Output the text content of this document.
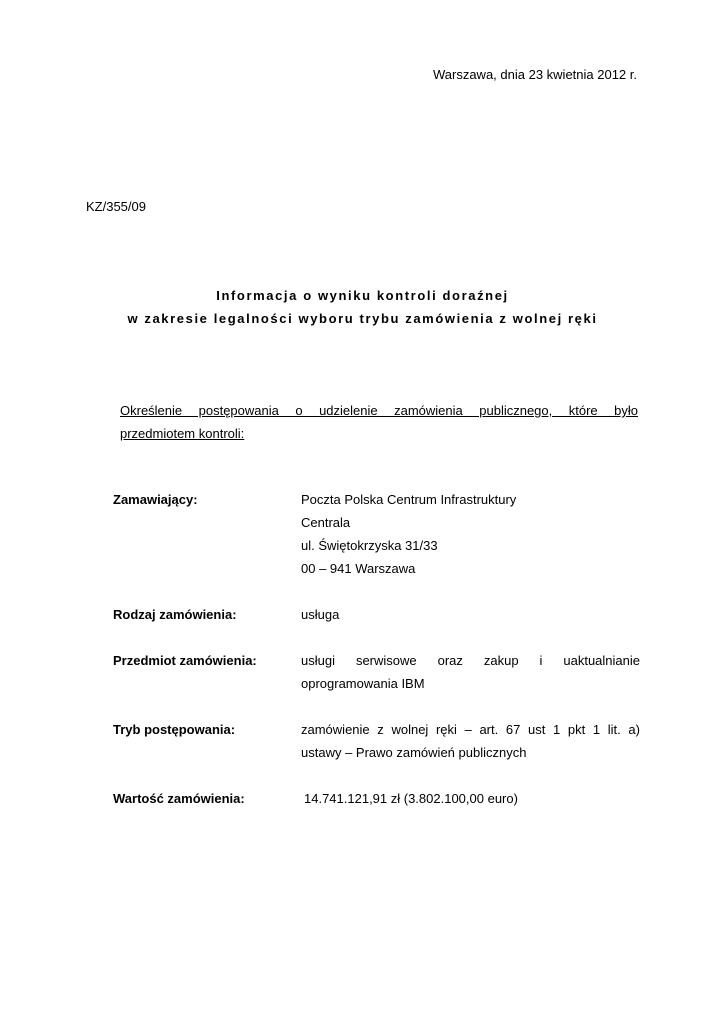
Warszawa, dnia 23 kwietnia 2012 r.
KZ/355/09
Informacja o wyniku kontroli doraźnej
w zakresie legalności wyboru trybu zamówienia z wolnej ręki
Określenie postępowania o udzielenie zamówienia publicznego, które było
przedmiotem kontroli:
Zamawiający:	Poczta Polska Centrum Infrastruktury
Centrala
ul. Świętokrzyska 31/33
00 – 941 Warszawa
Rodzaj zamówienia:	usługa
Przedmiot zamówienia:	usługi serwisowe oraz zakup i uaktualnianie
oprogramowania IBM
Tryb postępowania:	zamówienie z wolnej ręki – art. 67 ust 1 pkt 1 lit. a)
ustawy – Prawo zamówień publicznych
Wartość zamówienia:	14.741.121,91 zł (3.802.100,00 euro)
